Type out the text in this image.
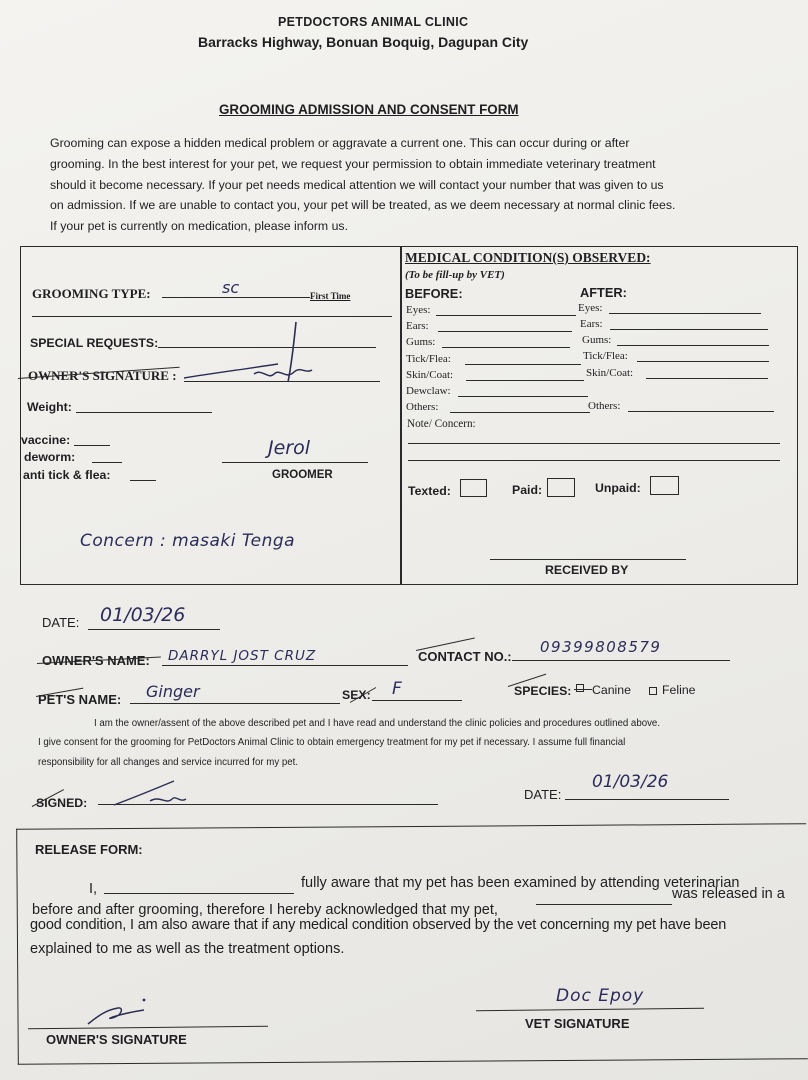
PETDOCTORS ANIMAL CLINIC
Barracks Highway, Bonuan Boquig, Dagupan City
GROOMING ADMISSION AND CONSENT FORM
Grooming can expose a hidden medical problem or aggravate a current one. This can occur during or after
grooming. In the best interest for your pet, we request your permission to obtain immediate veterinary treatment
should it become necessary. If your pet needs medical attention we will contact your number that was given to us
on admission. If we are unable to contact you, your pet will be treated, as we deem necessary at normal clinic fees.
If your pet is currently on medication, please inform us.
GROOMING TYPE:	sc	First Time
SPECIAL REQUESTS:
OWNER'S SIGNATURE :
Weight:
vaccine:
deworm:
anti tick & flea:
Jerol
GROOMER
Concern : masaki Tenga
MEDICAL CONDITION(S) OBSERVED:
(To be fill-up by VET)
BEFORE:	AFTER:
Eyes:
Ears:
Gums:
Tick/Flea:
Skin/Coat:
Dewclaw:
Others:
Eyes:
Ears:
Gums:
Tick/Flea:
Skin/Coat:
Others:
Note/ Concern:
Texted:	Paid:	Unpaid:
RECEIVED BY
DATE: 01/03/26
OWNER'S NAME: DARRYL JOST CRUZ	CONTACT NO.:
09399808579
PET'S NAME: Ginger	SEX: F	SPECIES: Canine	Feline
I am the owner/assent of the above described pet and I have read and understand the clinic policies and procedures outlined above.
I give consent for the grooming for PetDoctors Animal Clinic to obtain emergency treatment for my pet if necessary. I assume full financial
responsibility for all changes and service incurred for my pet.
SIGNED:
DATE:
01/03/26
RELEASE FORM:
I,	fully aware that my pet has been examined by attending veterinarian
before and after grooming, therefore I hereby acknowledged that my pet,
was released in a
good condition, I am also aware that if any medical condition observed by the vet concerning my pet have been
explained to me as well as the treatment options.
OWNER'S SIGNATURE
Doc Epoy
VET SIGNATURE
